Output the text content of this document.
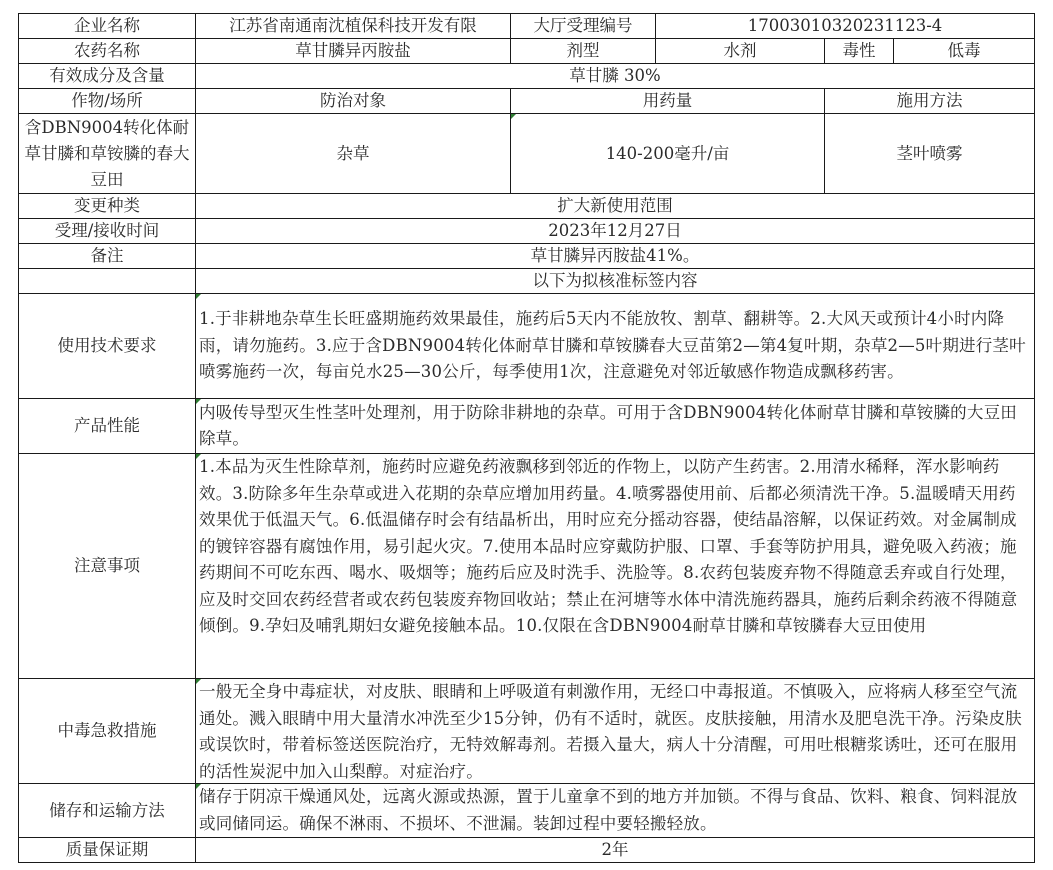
企业名称	江苏省南通南沈植保科技开发有限	大厅受理编号	17003010320231123-4		
农药名称	草甘膦异丙胺盐	剂型	水剂	毒性	低毒
有效成分及含量	草甘膦 30%				
作物/场所	防治对象	用药量		施用方法	
含DBN9004转化体耐草甘膦和草铵膦的春大豆田	杂草	140-200毫升/亩		茎叶喷雾	
变更种类	扩大新使用范围				
受理/接收时间	2023年12月27日				
备注	草甘膦异丙胺盐41%。				
	以下为拟核准标签内容				
使用技术要求	1.于非耕地杂草生长旺盛期施药效果最佳，施药后5天内不能放牧、割草、翻耕等。2.大风天或预计4小时内降雨，请勿施药。3.应于含DBN9004转化体耐草甘膦和草铵膦春大豆苗第2—第4复叶期，杂草2—5叶期进行茎叶喷雾施药一次，每亩兑水25—30公斤，每季使用1次，注意避免对邻近敏感作物造成飘移药害。				
产品性能	内吸传导型灭生性茎叶处理剂，用于防除非耕地的杂草。可用于含DBN9004转化体耐草甘膦和草铵膦的大豆田除草。				
注意事项	1.本品为灭生性除草剂，施药时应避免药液飘移到邻近的作物上，以防产生药害。2.用清水稀释，浑水影响药效。3.防除多年生杂草或进入花期的杂草应增加用药量。4.喷雾器使用前、后都必须清洗干净。5.温暖晴天用药效果优于低温天气。6.低温储存时会有结晶析出，用时应充分摇动容器，使结晶溶解，以保证药效。对金属制成的镀锌容器有腐蚀作用，易引起火灾。7.使用本品时应穿戴防护服、口罩、手套等防护用具，避免吸入药液；施药期间不可吃东西、喝水、吸烟等；施药后应及时洗手、洗脸等。8.农药包装废弃物不得随意丢弃或自行处理，应及时交回农药经营者或农药包装废弃物回收站；禁止在河塘等水体中清洗施药器具，施药后剩余药液不得随意倾倒。9.孕妇及哺乳期妇女避免接触本品。10.仅限在含DBN9004耐草甘膦和草铵膦春大豆田使用				

中毒急救措施	一般无全身中毒症状，对皮肤、眼睛和上呼吸道有刺激作用，无经口中毒报道。不慎吸入，应将病人移至空气流通处。溅入眼睛中用大量清水冲洗至少15分钟，仍有不适时，就医。皮肤接触，用清水及肥皂洗干净。污染皮肤或误饮时，带着标签送医院治疗，无特效解毒剂。若摄入量大，病人十分清醒，可用吐根糖浆诱吐，还可在服用的活性炭泥中加入山梨醇。对症治疗。				

储存和运输方法	储存于阴凉干燥通风处，远离火源或热源，置于儿童拿不到的地方并加锁。不得与食品、饮料、粮食、饲料混放或同储同运。确保不淋雨、不损坏、不泄漏。装卸过程中要轻搬轻放。				
质量保证期	2年				
